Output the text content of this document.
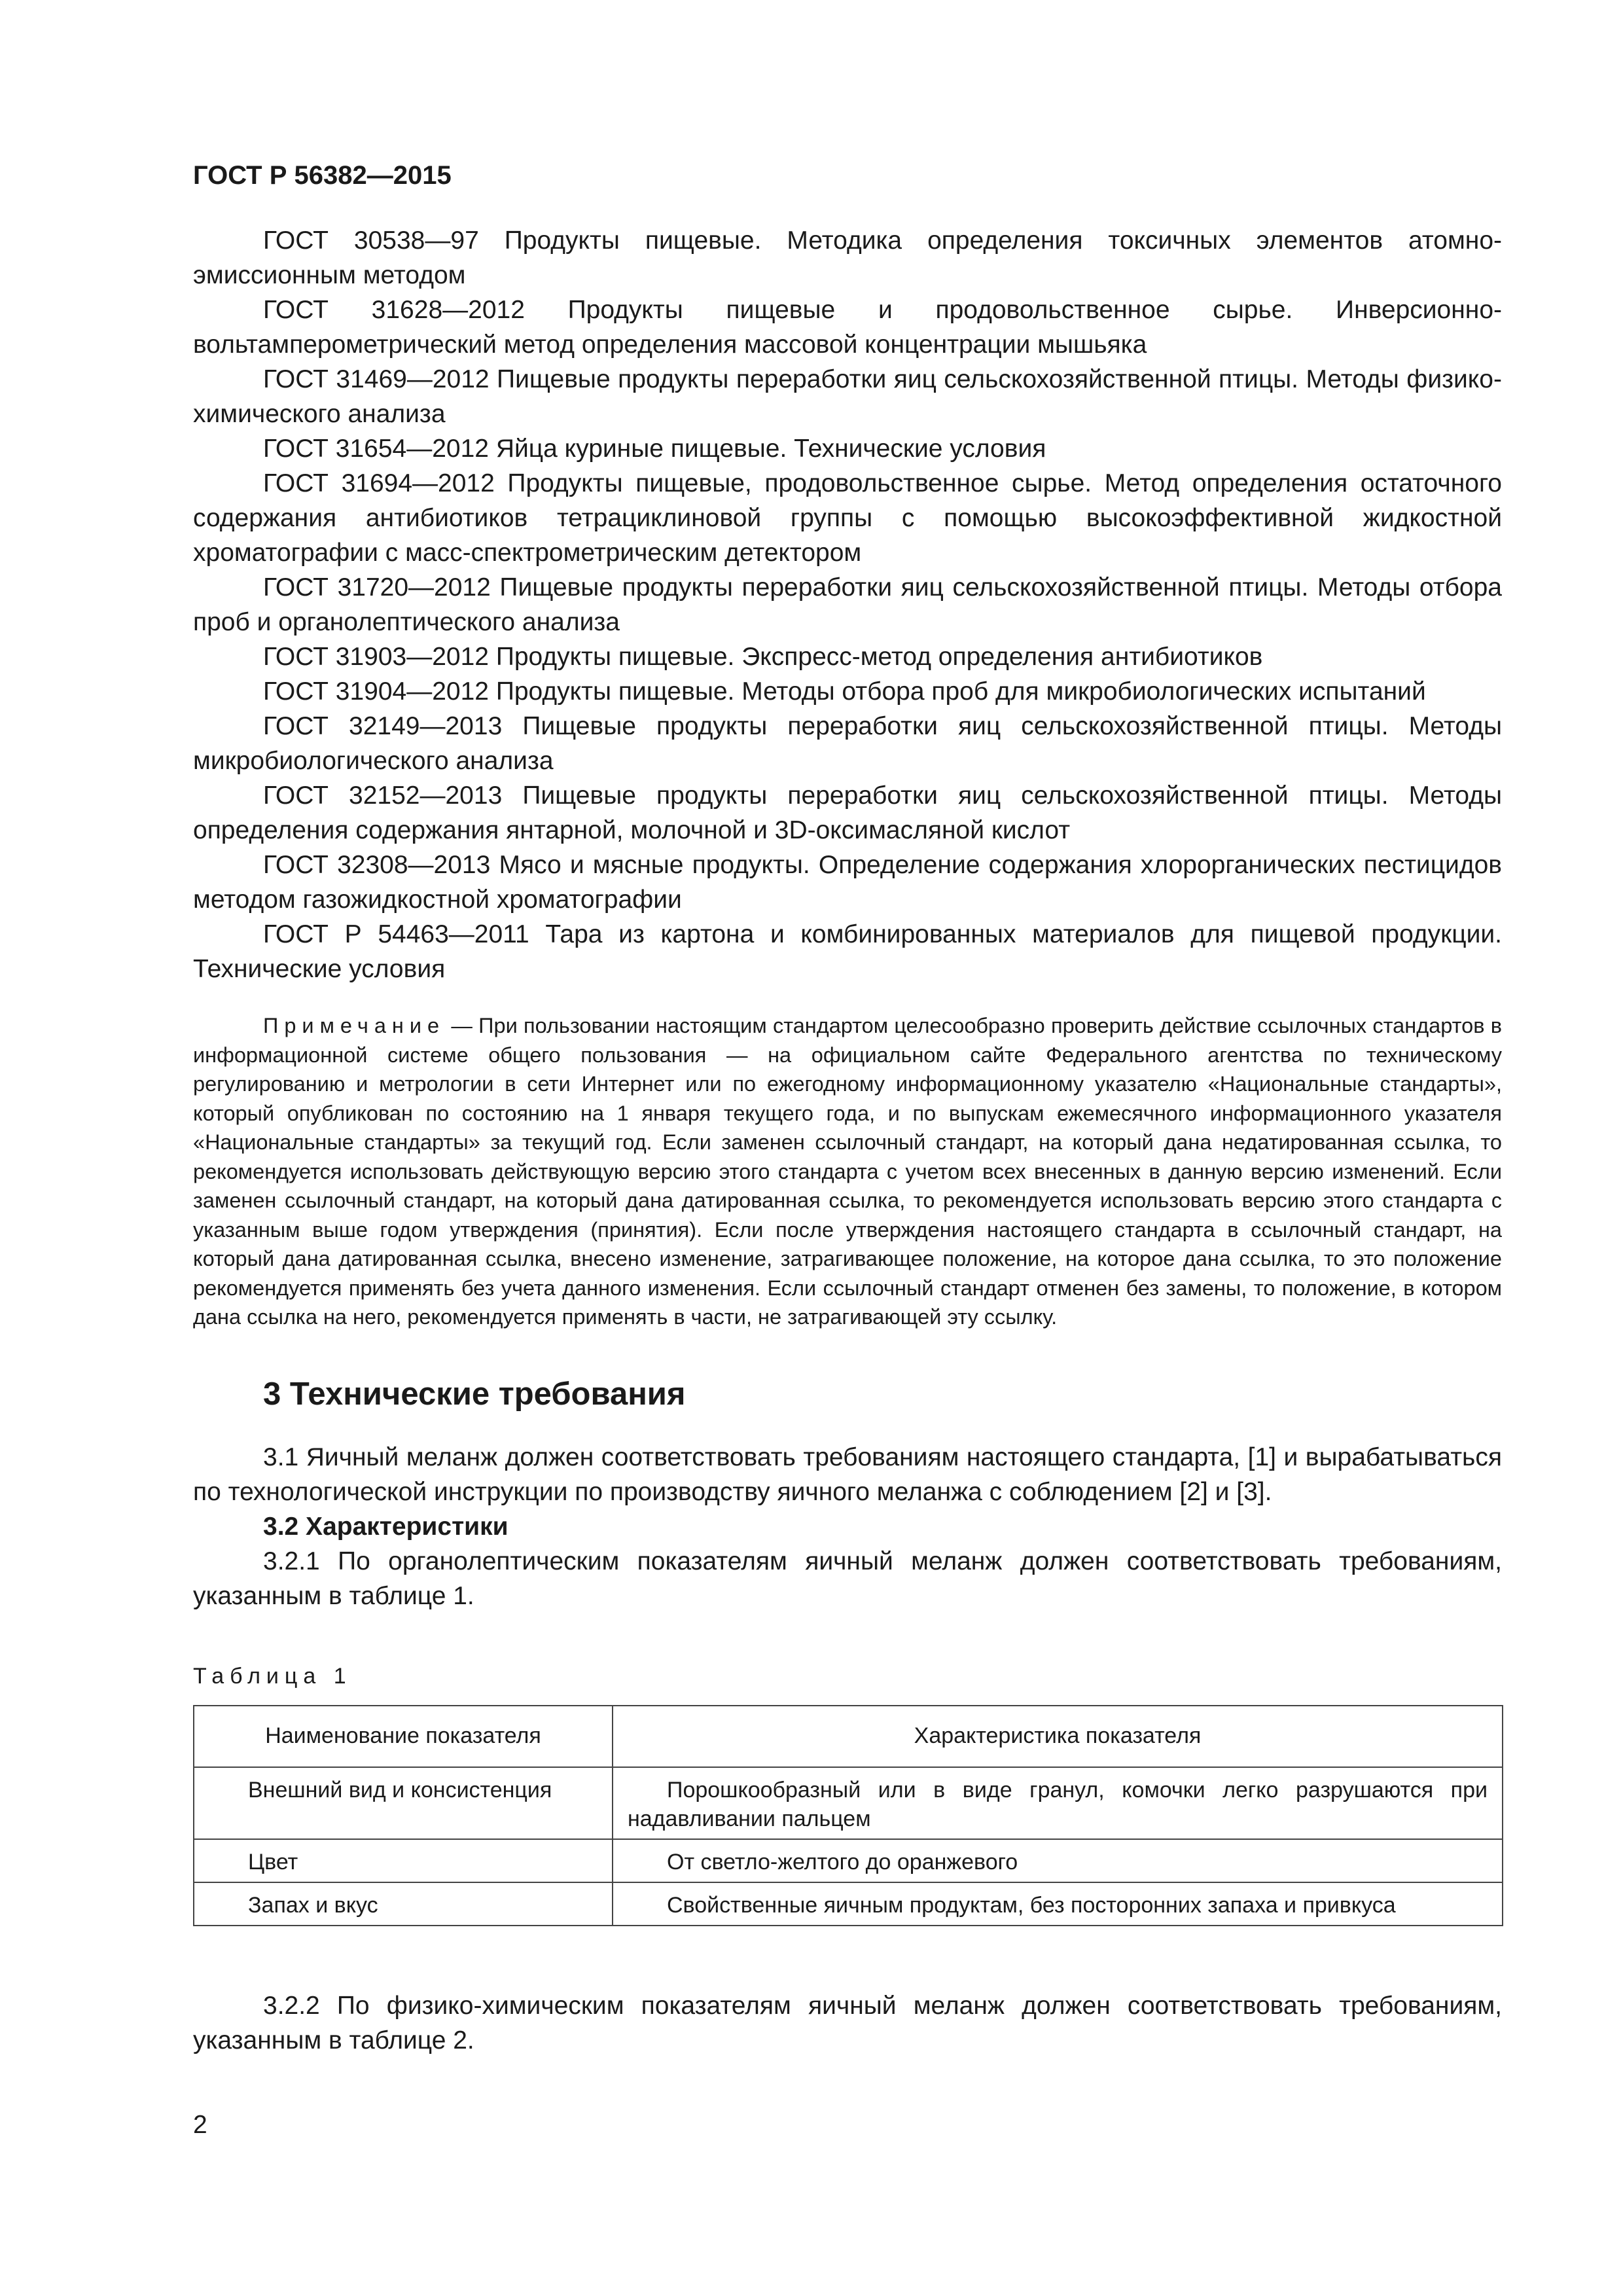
ГОСТ Р 56382—2015

ГОСТ 30538—97 Продукты пищевые. Методика определения токсичных элементов атомно-эмиссионным методом

ГОСТ 31628—2012 Продукты пищевые и продовольственное сырье. Инверсионно-вольтамперометрический метод определения массовой концентрации мышьяка

ГОСТ 31469—2012 Пищевые продукты переработки яиц сельскохозяйственной птицы. Методы физико-химического анализа

ГОСТ 31654—2012 Яйца куриные пищевые. Технические условия

ГОСТ 31694—2012 Продукты пищевые, продовольственное сырье. Метод определения остаточного содержания антибиотиков тетрациклиновой группы с помощью высокоэффективной жидкостной хроматографии с масс-спектрометрическим детектором

ГОСТ 31720—2012 Пищевые продукты переработки яиц сельскохозяйственной птицы. Методы отбора проб и органолептического анализа

ГОСТ 31903—2012 Продукты пищевые. Экспресс-метод определения антибиотиков

ГОСТ 31904—2012 Продукты пищевые. Методы отбора проб для микробиологических испытаний

ГОСТ 32149—2013 Пищевые продукты переработки яиц сельскохозяйственной птицы. Методы микробиологического анализа

ГОСТ 32152—2013 Пищевые продукты переработки яиц сельскохозяйственной птицы. Методы определения содержания янтарной, молочной и 3D-оксимасляной кислот

ГОСТ 32308—2013 Мясо и мясные продукты. Определение содержания хлорорганических пестицидов методом газожидкостной хроматографии

ГОСТ Р 54463—2011 Тара из картона и комбинированных материалов для пищевой продукции. Технические условия

Примечание — При пользовании настоящим стандартом целесообразно проверить действие ссылочных стандартов в информационной системе общего пользования — на официальном сайте Федерального агентства по техническому регулированию и метрологии в сети Интернет или по ежегодному информационному указателю «Национальные стандарты», который опубликован по состоянию на 1 января текущего года, и по выпускам ежемесячного информационного указателя «Национальные стандарты» за текущий год. Если заменен ссылочный стандарт, на который дана недатированная ссылка, то рекомендуется использовать действующую версию этого стандарта с учетом всех внесенных в данную версию изменений. Если заменен ссылочный стандарт, на который дана датированная ссылка, то рекомендуется использовать версию этого стандарта с указанным выше годом утверждения (принятия). Если после утверждения настоящего стандарта в ссылочный стандарт, на который дана датированная ссылка, внесено изменение, затрагивающее положение, на которое дана ссылка, то это положение рекомендуется применять без учета данного изменения. Если ссылочный стандарт отменен без замены, то положение, в котором дана ссылка на него, рекомендуется применять в части, не затрагивающей эту ссылку.

3 Технические требования

3.1 Яичный меланж должен соответствовать требованиям настоящего стандарта, [1] и вырабатываться по технологической инструкции по производству яичного меланжа с соблюдением [2] и [3].

3.2 Характеристики

3.2.1 По органолептическим показателям яичный меланж должен соответствовать требованиям, указанным в таблице 1.

Таблица 1
Наименование показателя	Характеристика показателя
Внешний вид и консистенция	Порошкообразный или в виде гранул, комочки легко разрушаются при надавливании пальцем
Цвет	От светло-желтого до оранжевого
Запах и вкус	Свойственные яичным продуктам, без посторонних запаха и привкуса

3.2.2 По физико-химическим показателям яичный меланж должен соответствовать требованиям, указанным в таблице 2.

2
